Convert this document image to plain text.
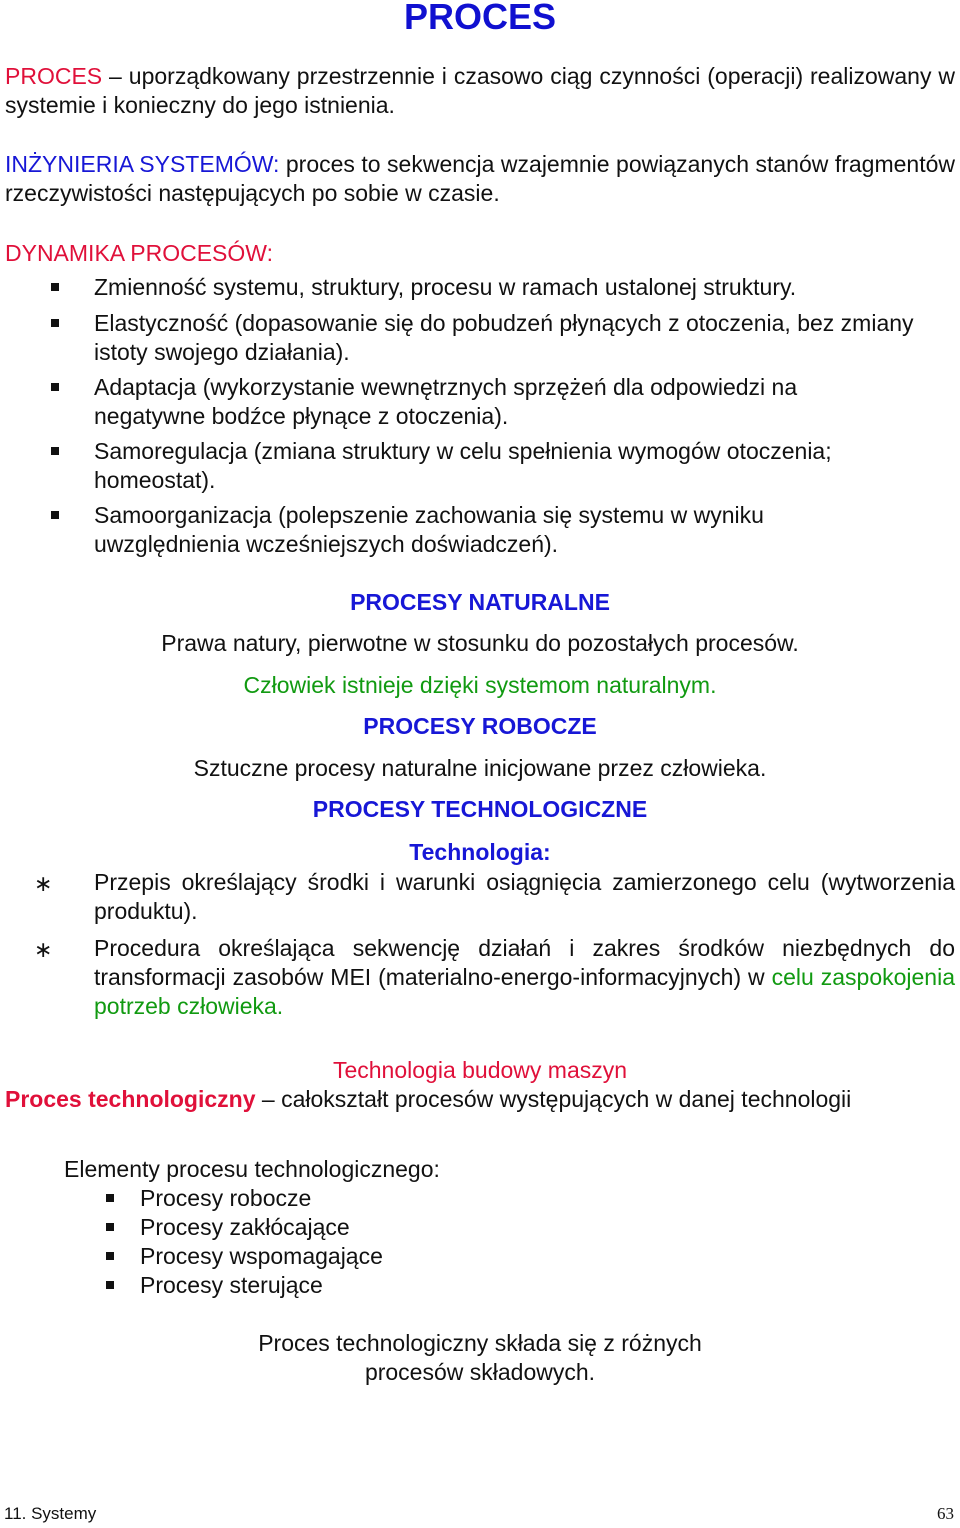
PROCES
PROCES – uporządkowany przestrzennie i czasowo ciąg czynności (operacji) realizowany w systemie i konieczny do jego istnienia.
INŻYNIERIA SYSTEMÓW: proces to sekwencja wzajemnie powiązanych stanów fragmentów rzeczywistości następujących po sobie w czasie.
DYNAMIKA PROCESÓW:
Zmienność systemu, struktury, procesu w ramach ustalonej struktury.
Elastyczność (dopasowanie się do pobudzeń płynących z otoczenia, bez zmiany istoty swojego działania).
Adaptacja (wykorzystanie wewnętrznych sprzężeń dla odpowiedzi na negatywne bodźce płynące z otoczenia).
Samoregulacja (zmiana struktury w celu spełnienia wymogów otoczenia; homeostat).
Samoorganizacja (polepszenie zachowania się systemu w wyniku uwzględnienia wcześniejszych doświadczeń).
PROCESY NATURALNE
Prawa natury, pierwotne w stosunku do pozostałych procesów.
Człowiek istnieje dzięki systemom naturalnym.
PROCESY ROBOCZE
Sztuczne procesy naturalne inicjowane przez człowieka.
PROCESY TECHNOLOGICZNE
Technologia:
∗ Przepis określający środki i warunki osiągnięcia zamierzonego celu (wytworzenia produktu).
∗ Procedura określająca sekwencję działań i zakres środków niezbędnych do transformacji zasobów MEI (materialno-energo-informacyjnych) w celu zaspokojenia potrzeb człowieka.
Technologia budowy maszyn
Proces technologiczny – całokształt procesów występujących w danej technologii
Elementy procesu technologicznego:
Procesy robocze
Procesy zakłócające
Procesy wspomagające
Procesy sterujące
Proces technologiczny składa się z różnych
procesów składowych.
11. Systemy	63
